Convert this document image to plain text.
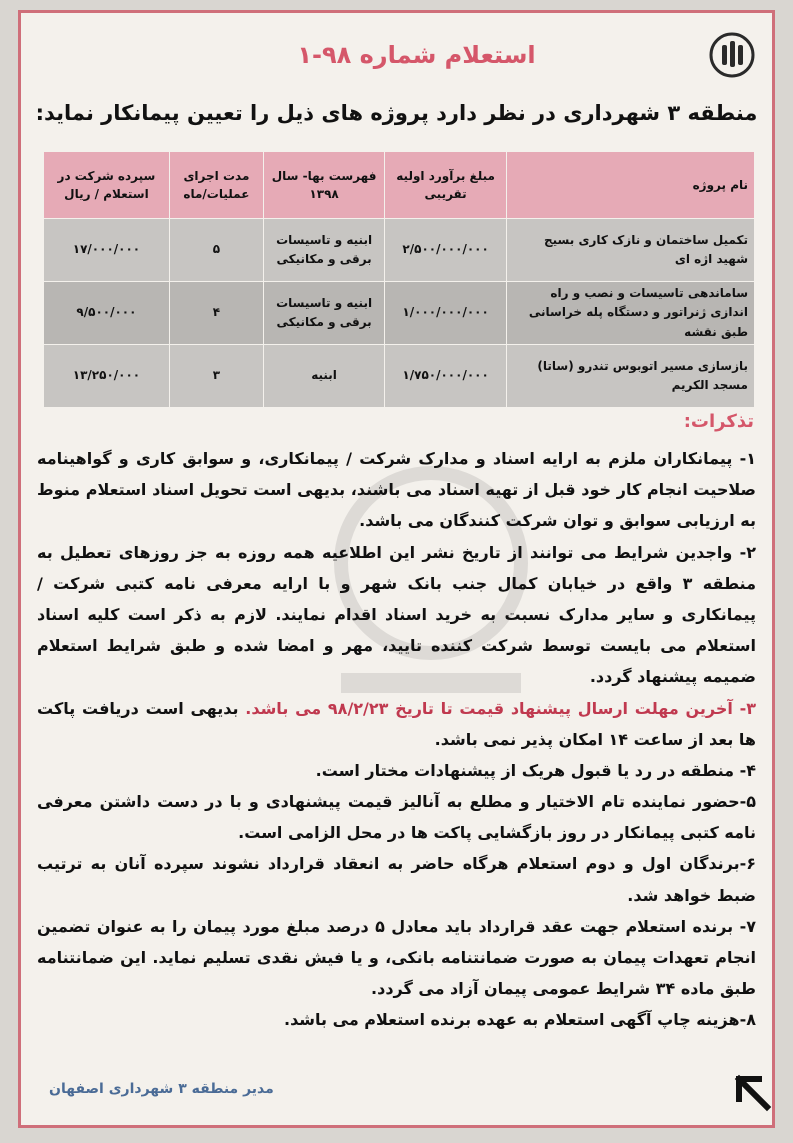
استعلام شماره ۹۸-۱
منطقه ۳ شهرداری در نظر دارد پروژه های ذیل را تعیین پیمانکار نماید:
نام پروژه	مبلغ برآورد اولیه تقریبی	فهرست بها- سال ۱۳۹۸	مدت اجرای عملیات/ماه	سپرده شرکت در استعلام / ریال
تکمیل ساختمان و نازک کاری بسیج شهید اژه ای	۲/۵۰۰/۰۰۰/۰۰۰	ابنیه و تاسیسات برقی و مکانیکی	۵	۱۷/۰۰۰/۰۰۰
ساماندهی تاسیسات و نصب و راه اندازی ژنراتور و دستگاه پله خراسانی طبق نقشه	۱/۰۰۰/۰۰۰/۰۰۰	ابنیه و تاسیسات برقی و مکانیکی	۴	۹/۵۰۰/۰۰۰
بازسازی مسیر اتوبوس تندرو (ساتا) مسجد الکریم	۱/۷۵۰/۰۰۰/۰۰۰	ابنیه	۳	۱۳/۲۵۰/۰۰۰
تذکرات:

۱- پیمانکاران ملزم به ارایه اسناد و مدارک شرکت / پیمانکاری، و سوابق کاری و گواهینامه صلاحیت انجام کار خود قبل از تهیه اسناد می باشند، بدیهی است تحویل اسناد استعلام منوط به ارزیابی سوابق و توان شرکت کنندگان می باشد.

۲- واجدین شرایط می توانند از تاریخ نشر این اطلاعیه همه روزه به جز روزهای تعطیل به منطقه ۳ واقع در خیابان کمال جنب بانک شهر و با ارایه معرفی نامه کتبی شرکت / پیمانکاری و سایر مدارک نسبت به خرید اسناد اقدام نمایند. لازم به ذکر است کلیه اسناد استعلام می بایست توسط شرکت کننده تایید، مهر و امضا شده و طبق شرایط استعلام ضمیمه پیشنهاد گردد.

۳- آخرین مهلت ارسال پیشنهاد قیمت تا تاریخ ۹۸/۲/۲۳ می باشد. بدیهی است دریافت پاکت ها بعد از ساعت ۱۴ امکان پذیر نمی باشد.

۴- منطقه در رد یا قبول هریک از پیشنهادات مختار است.

۵-حضور نماینده تام الاختیار و مطلع به آنالیز قیمت پیشنهادی و با در دست داشتن معرفی نامه کتبی پیمانکار در روز بازگشایی پاکت ها در محل الزامی است.

۶-برندگان اول و دوم استعلام هرگاه حاضر به انعقاد قرارداد نشوند سپرده آنان به ترتیب ضبط خواهد شد.

۷- برنده استعلام جهت عقد قرارداد باید معادل ۵ درصد مبلغ مورد پیمان را به عنوان تضمین انجام تعهدات پیمان به صورت ضمانتنامه بانکی، و یا فیش نقدی تسلیم نماید. این ضمانتنامه طبق ماده ۳۴ شرایط عمومی پیمان آزاد می گردد.

۸-هزینه چاپ آگهی استعلام به عهده برنده استعلام می باشد.

مدیر منطقه ۳ شهرداری اصفهان
